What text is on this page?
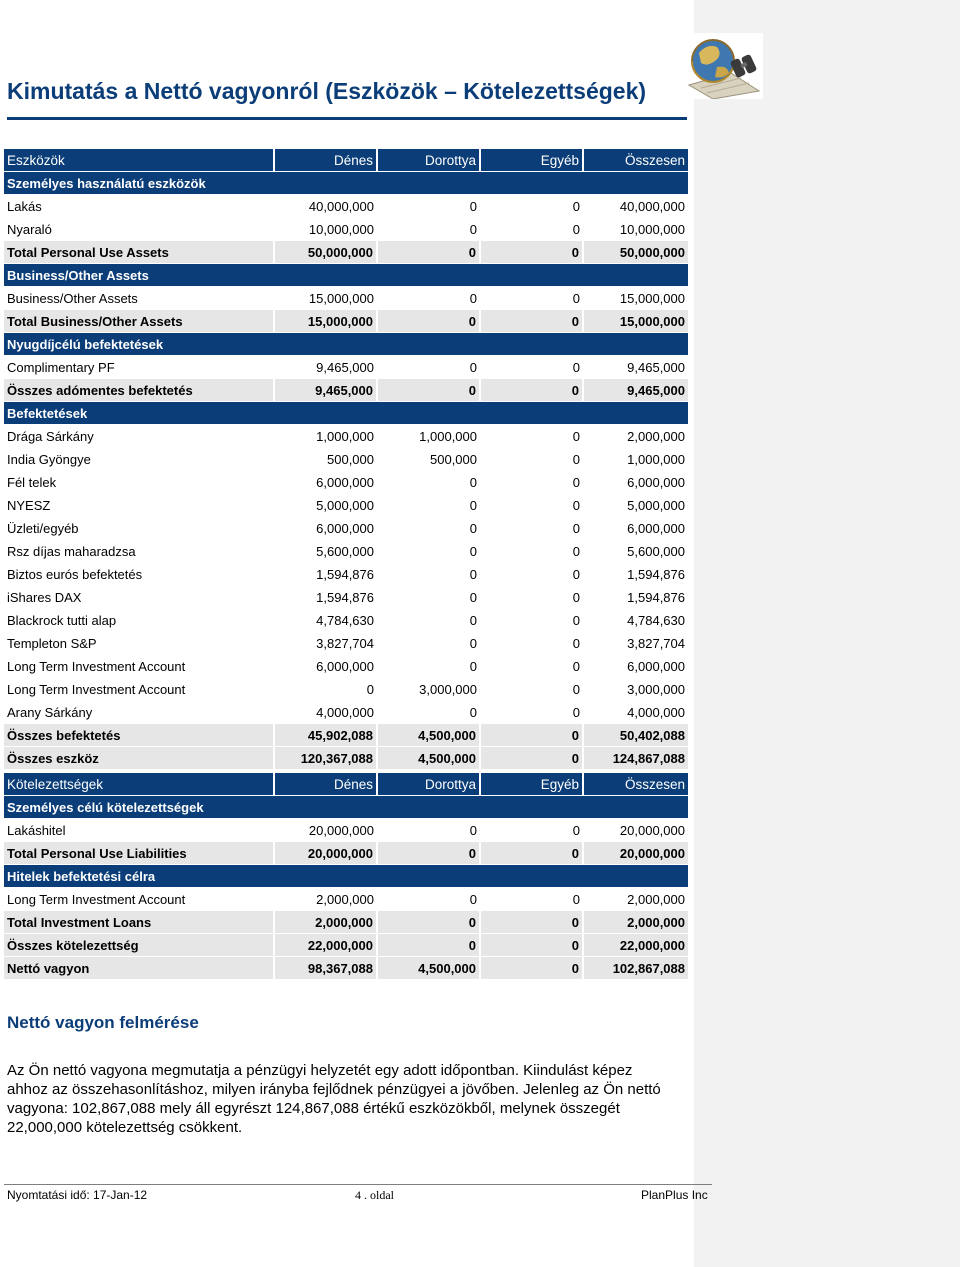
Kimutatás a Nettó vagyonról (Eszközök – Kötelezettségek)
Eszközök	Dénes	Dorottya	Egyéb	Összesen
Személyes használatú eszközök				
Lakás	40,000,000	0	0	40,000,000
Nyaraló	10,000,000	0	0	10,000,000
Total Personal Use Assets	50,000,000	0	0	50,000,000
Business/Other Assets				
Business/Other Assets	15,000,000	0	0	15,000,000
Total Business/Other Assets	15,000,000	0	0	15,000,000
Nyugdíjcélú befektetések				
Complimentary PF	9,465,000	0	0	9,465,000
Összes adómentes befektetés	9,465,000	0	0	9,465,000
Befektetések				
Drága Sárkány	1,000,000	1,000,000	0	2,000,000
India Gyöngye	500,000	500,000	0	1,000,000
Fél telek	6,000,000	0	0	6,000,000
NYESZ	5,000,000	0	0	5,000,000
Üzleti/egyéb	6,000,000	0	0	6,000,000
Rsz díjas maharadzsa	5,600,000	0	0	5,600,000
Biztos eurós befektetés	1,594,876	0	0	1,594,876
iShares DAX	1,594,876	0	0	1,594,876
Blackrock tutti alap	4,784,630	0	0	4,784,630
Templeton S&P	3,827,704	0	0	3,827,704
Long Term Investment Account	6,000,000	0	0	6,000,000
Long Term Investment Account	0	3,000,000	0	3,000,000
Arany Sárkány	4,000,000	0	0	4,000,000
Összes befektetés	45,902,088	4,500,000	0	50,402,088
Összes eszköz	120,367,088	4,500,000	0	124,867,088
Kötelezettségek	Dénes	Dorottya	Egyéb	Összesen
Személyes célú kötelezettségek				
Lakáshitel	20,000,000	0	0	20,000,000
Total Personal Use Liabilities	20,000,000	0	0	20,000,000
Hitelek befektetési célra				
Long Term Investment Account	2,000,000	0	0	2,000,000
Total Investment Loans	2,000,000	0	0	2,000,000
Összes kötelezettség	22,000,000	0	0	22,000,000
Nettó vagyon	98,367,088	4,500,000	0	102,867,088
Nettó vagyon felmérése

Az Ön nettó vagyona megmutatja a pénzügyi helyzetét egy adott időpontban. Kiindulást képez ahhoz az összehasonlításhoz, milyen irányba fejlődnek pénzügyei a jövőben. Jelenleg az Ön nettó vagyona: 102,867,088 mely áll egyrészt 124,867,088 értékű eszközökből, melynek összegét 22,000,000 kötelezettség csökkent.

Nyomtatási idő: 17-Jan-12	4 . oldal	PlanPlus Inc
